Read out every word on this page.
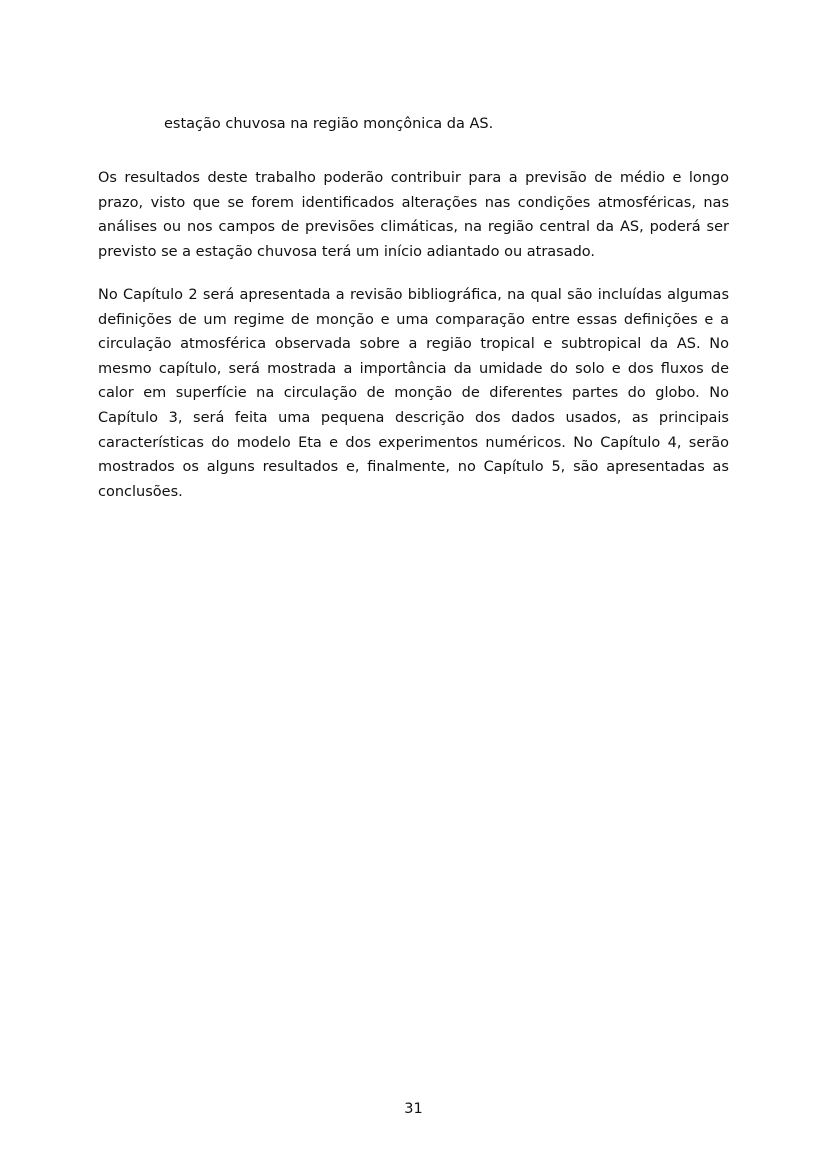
estação chuvosa na região monçônica da AS.

Os resultados deste trabalho poderão contribuir para a previsão de médio e longo prazo, visto que se forem identificados alterações nas condições atmosféricas, nas análises ou nos campos de previsões climáticas, na região central da AS, poderá ser previsto se a estação chuvosa terá um início adiantado ou atrasado.

No Capítulo 2 será apresentada a revisão bibliográfica, na qual são incluídas algumas definições de um regime de monção e uma comparação entre essas definições e a circulação atmosférica observada sobre a região tropical e subtropical da AS. No mesmo capítulo, será mostrada a importância da umidade do solo e dos fluxos de calor em superfície na circulação de monção de diferentes partes do globo. No Capítulo 3, será feita uma pequena descrição dos dados usados, as principais características do modelo Eta e dos experimentos numéricos. No Capítulo 4, serão mostrados os alguns resultados e, finalmente, no Capítulo 5, são apresentadas as conclusões.

31
